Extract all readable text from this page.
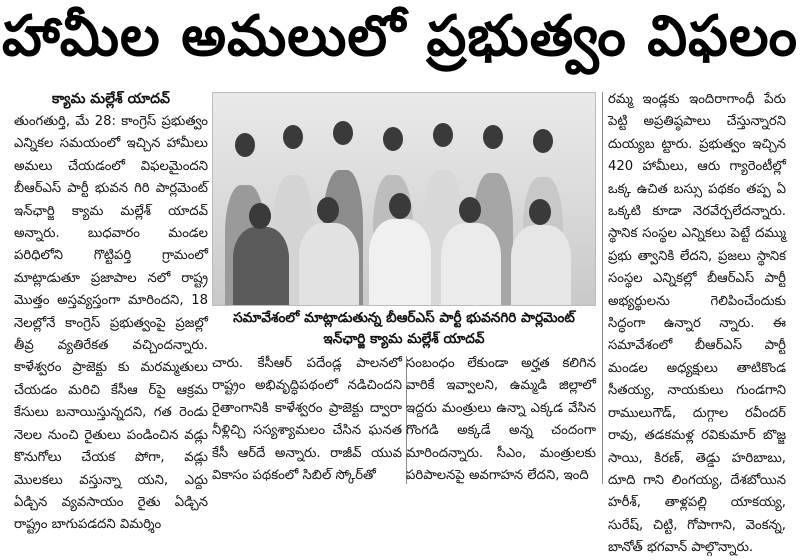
హామీల అమలులో ప్రభుత్వం విఫలం
క్యామ మల్లేశ్ యాదవ్

తుంగతుర్తి, మే 28: కాంగ్రెస్ ప్రభుత్వం ఎన్నికల సమయంలో ఇచ్చిన హామీలు అమలు చేయడంలో విఫలమైందని బీఆర్ఎస్ పార్టీ భువన గిరి పార్లమెంట్ ఇన్‌ఛార్జి క్యామ మల్లేశ్ యాదవ్ అన్నారు. బుధవారం మండల పరిధిలోని గొట్టిపర్తి గ్రామంలో మాట్లాడుతూ ప్రజాపాల నలో రాష్ట్ర మొత్తం అస్తవ్యస్తంగా మారిందని, 18 నెలల్లోనే కాంగ్రెస్ ప్రభుత్వంపై ప్రజల్లో తీవ్ర వ్యతిరేకత వచ్చిందన్నారు. కాళేశ్వరం ప్రాజెక్టు కు మరమ్మతులు చేయడం మరిచి కేసీఆ ర్‌పై ఆక్రమ కేసులు బనాయిస్తున్నదని, గత రెండు నెలల నుంచి రైతులు పండించిన వడ్లు కొనుగోలు చేయక పోగా, వడ్లు మొలకలు వస్తున్నా యని, ఎద్దు ఏడ్చిన వ్యవసాయం రైతు ఏడ్చిన రాష్ట్రం బాగుపడదని విమర్శిం

సమావేశంలో మాట్లాడుతున్న బీఆర్ఎస్ పార్టీ భువనగిరి పార్లమెంట్ ఇన్‌ఛార్జి క్యామ మల్లేశ్ యాదవ్

చారు. కేసీఆర్ పదేండ్ల పాలనలో రాష్ట్రం అభివృద్ధిపథంలో నడిచిందని రైతాంగానికి కాళేశ్వరం ప్రాజెక్టు ద్వారా నీళ్లిచ్చి సస్యశ్యామలం చేసిన ఘనత కేసీ ఆర్‌దే అన్నారు. రాజీవ్ యువ వికాసం పథకంలో సిబిల్ స్కోర్‌తో

సంబంధం లేకుండా అర్హత కలిగిన వారికే ఇవ్వాలని, ఉమ్మడి జిల్లాలో ఇద్దరు మంత్రులు ఉన్నా ఎక్కడ వేసిన గొంగడి అక్కడే అన్న చందంగా మారిందన్నారు. సీఎం, మంత్రులకు పరిపాలనపై అవగాహన లేదని, ఇంది

రమ్మ ఇండ్లకు ఇందిరాగాంధీ పేరు పెట్టి అప్రతిష్ఠపాలు చేస్తున్నారని దుయ్యబ ట్టారు. ప్రభుత్వం ఇచ్చిన 420 హామీలు, ఆరు గ్యారెంటీల్లో ఒక్క ఉచిత బస్సు పథకం తప్ప ఏ ఒక్కటి కూడా నెరవేర్చలేదన్నారు. స్థానిక సంస్థల ఎన్నికలు పెట్టే దమ్ము ప్రభు త్వానికి లేదని, ప్రజలు స్థానిక సంస్థల ఎన్నికల్లో బీఆర్ఎస్ పార్టీ అభ్యర్థులను గెలిపించేందుకు సిద్ధంగా ఉన్నార న్నారు. ఈ సమావేశంలో బీఆర్ఎస్ పార్టీ మండల అధ్యక్షులు తాటికొండ సీతయ్య, నాయకులు గుండగాని రాములుగౌడ్, దుగ్గాల రవీందర్ రావు, తడకమళ్ల రవికుమార్ బొజ్జ సాయి, కిరణ్, తెడ్డు హరిబాబు, దూది గాని లింగయ్య, దేశబోయిన హరీశ్, తాళ్లపల్లి యాకయ్య, సురేష్, చిట్టి, గోపాగాని, వెంకన్న, బానోత్ భగవాన్ పాల్గొన్నారు.
